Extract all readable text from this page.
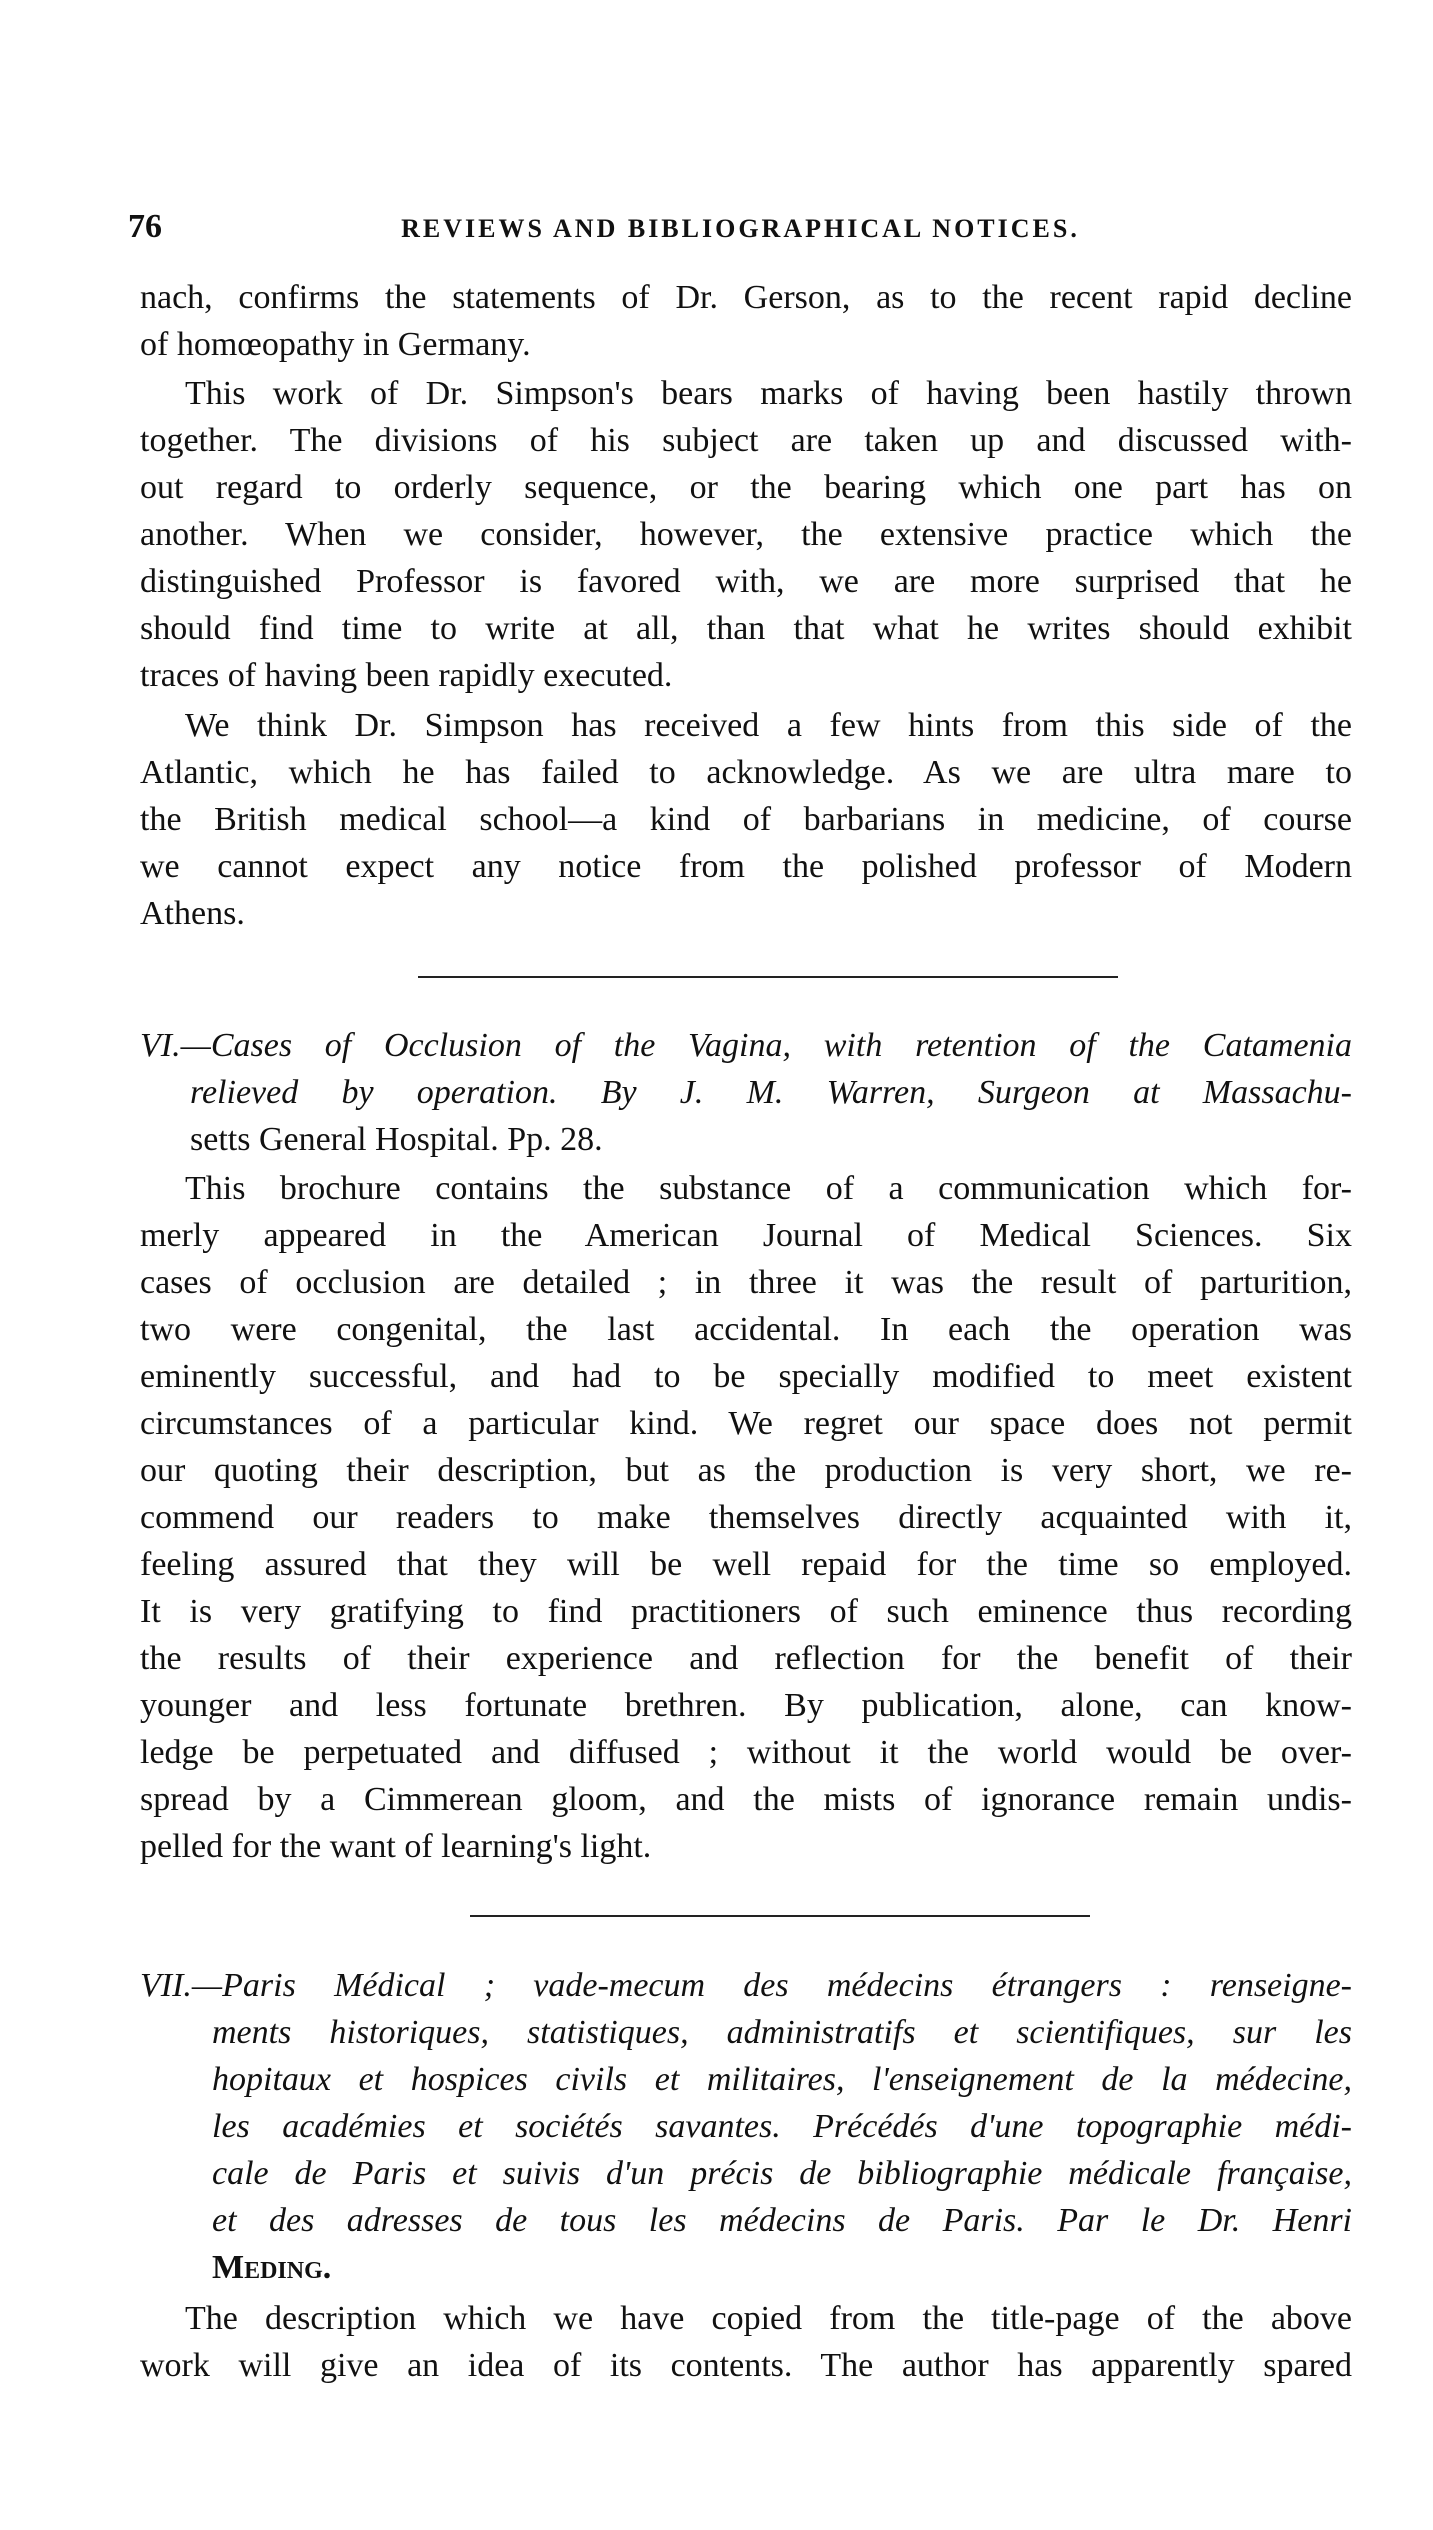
76	REVIEWS AND BIBLIOGRAPHICAL NOTICES.
nach, confirms the statements of Dr. Gerson, as to the recent rapid decline
of homœopathy in Germany.
This work of Dr. Simpson's bears marks of having been hastily thrown
together. The divisions of his subject are taken up and discussed with-
out regard to orderly sequence, or the bearing which one part has on
another. When we consider, however, the extensive practice which the
distinguished Professor is favored with, we are more surprised that he
should find time to write at all, than that what he writes should exhibit
traces of having been rapidly executed.
We think Dr. Simpson has received a few hints from this side of the
Atlantic, which he has failed to acknowledge. As we are ultra mare to
the British medical school—a kind of barbarians in medicine, of course
we cannot expect any notice from the polished professor of Modern
Athens.
VI.—Cases of Occlusion of the Vagina, with retention of the Catamenia
relieved by operation. By J. M. Warren, Surgeon at Massachu-
setts General Hospital. Pp. 28.
This brochure contains the substance of a communication which for-
merly appeared in the American Journal of Medical Sciences. Six
cases of occlusion are detailed ; in three it was the result of parturition,
two were congenital, the last accidental. In each the operation was
eminently successful, and had to be specially modified to meet existent
circumstances of a particular kind. We regret our space does not permit
our quoting their description, but as the production is very short, we re-
commend our readers to make themselves directly acquainted with it,
feeling assured that they will be well repaid for the time so employed.
It is very gratifying to find practitioners of such eminence thus recording
the results of their experience and reflection for the benefit of their
younger and less fortunate brethren. By publication, alone, can know-
ledge be perpetuated and diffused ; without it the world would be over-
spread by a Cimmerean gloom, and the mists of ignorance remain undis-
pelled for the want of learning's light.
VII.—Paris Médical ; vade-mecum des médecins étrangers : renseigne-
ments historiques, statistiques, administratifs et scientifiques, sur les
hopitaux et hospices civils et militaires, l'enseignement de la médecine,
les académies et sociétés savantes. Précédés d'une topographie médi-
cale de Paris et suivis d'un précis de bibliographie médicale française,
et des adresses de tous les médecins de Paris. Par le Dr. Henri
Meding.
The description which we have copied from the title-page of the above
work will give an idea of its contents. The author has apparently spared
